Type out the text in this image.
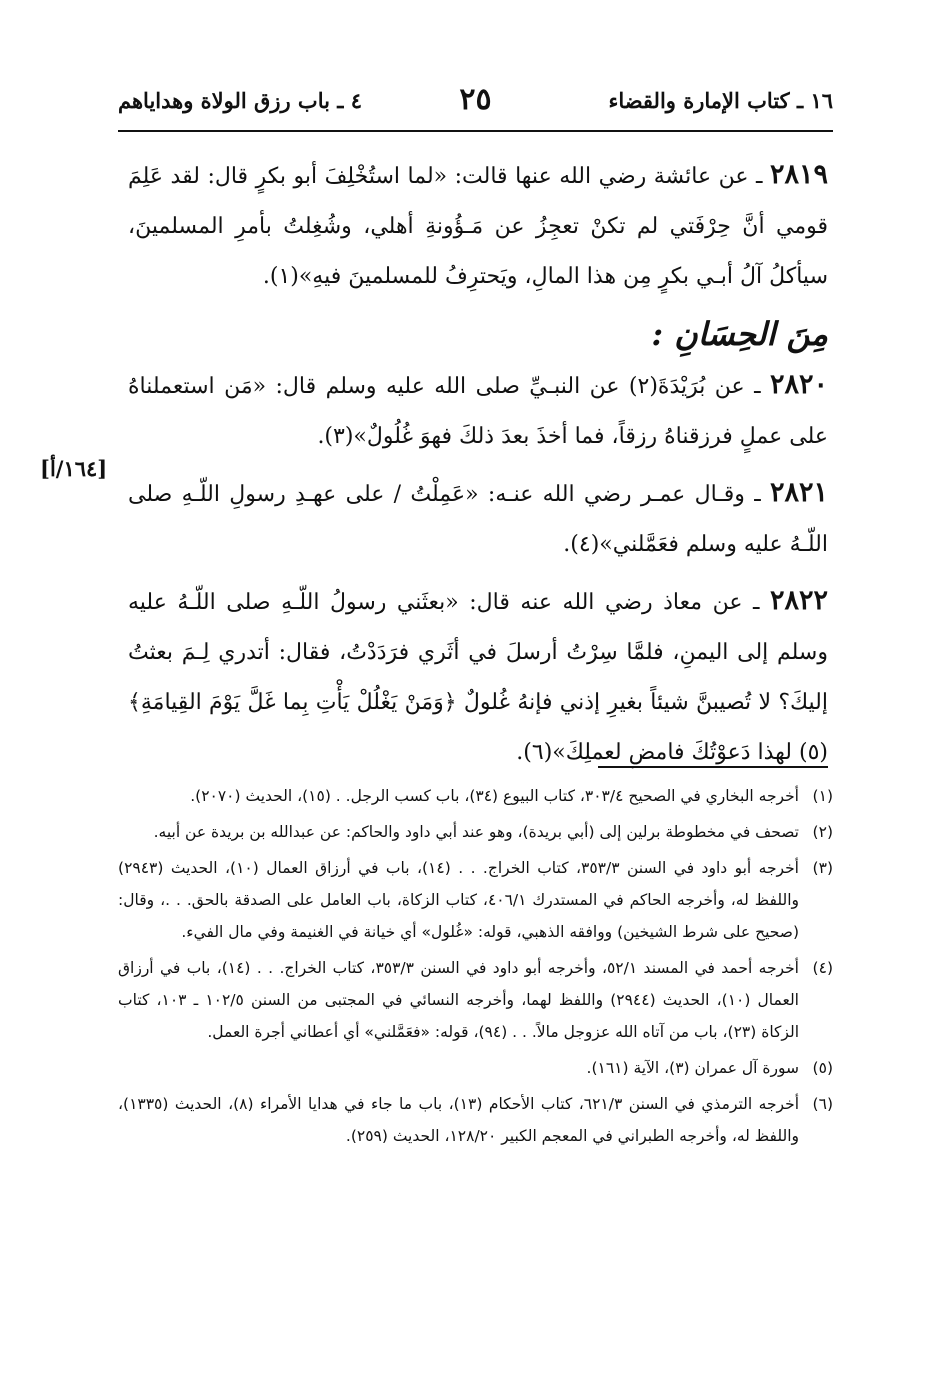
١٦ ـ كتاب الإمارة والقضاء
٢٥
٤ ـ باب رزق الولاة وهداياهم
[١٦٤/أ]

٢٨١٩ ـ عن عائشة رضي الله عنها قالت: «لما استُخْلِفَ أبو بكرٍ قال: لقد عَلِمَ قومي أنَّ حِرْفَتي لم تكنْ تعجِزُ عن مَـؤُونةِ أهلي، وشُغِلتُ بأمرِ المسلمينَ، سيأكلُ آلُ أبـي بكرٍ مِن هذا المالِ، ويَحترِفُ للمسلمينَ فيهِ»(١).

مِنَ الحِسَانِ :

٢٨٢٠ ـ عن بُرَيْدَةَ(٢) عن النبـيِّ صلى الله عليه وسلم قال: «مَن استعملناهُ على عملٍ فرزقناهُ رزقاً، فما أخذَ بعدَ ذلكَ فهوَ غُلُولٌ»(٣).

٢٨٢١ ـ وقـال عمـر رضي الله عنـه: «عَمِلْتُ / على عهـدِ رسولِ اللّـهِ صلى اللّـهُ عليه وسلم فعَمَّلني»(٤).

٢٨٢٢ ـ عن معاذ رضي الله عنه قال: «بعثَني رسولُ اللّـهِ صلى اللّـهُ عليه وسلم إلى اليمنِ، فلمَّا سِرْتُ أرسلَ في أثَري فرَدَدْتُ، فقال: أتدري لِـمَ بعثتُ إليكَ؟ لا تُصيبنَّ شيئاً بغيرِ إذني فإنهُ غُلولٌ ﴿وَمَنْ يَغْلُلْ يَأْتِ بِما غَلَّ يَوْمَ القِيامَةِ﴾(٥) لهذا دَعوْتُكَ فامضِ لعملِكَ»(٦).

(١)
أخرجه البخاري في الصحيح ٣٠٣/٤، كتاب البيوع (٣٤)، باب كسب الرجل. . (١٥)، الحديث (٢٠٧٠).

(٢)
تصحف في مخطوطة برلين إلى (أبي بريدة)، وهو عند أبي داود والحاكم: عن عبدالله بن بريدة عن أبيه.

(٣)
أخرجه أبو داود في السنن ٣٥٣/٣، كتاب الخراج. . . (١٤)، باب في أرزاق العمال (١٠)، الحديث (٢٩٤٣) واللفظ له، وأخرجه الحاكم في المستدرك ٤٠٦/١، كتاب الزكاة، باب العامل على الصدقة بالحق. . .، وقال: (صحيح على شرط الشيخين) ووافقه الذهبي، قوله: «غُلول» أي خيانة في الغنيمة وفي مال الفيء.

(٤)
أخرجه أحمد في المسند ٥٢/١، وأخرجه أبو داود في السنن ٣٥٣/٣، كتاب الخراج. . . (١٤)، باب في أرزاق العمال (١٠)، الحديث (٢٩٤٤) واللفظ لهما، وأخرجه النسائي في المجتبى من السنن ١٠٢/٥ ـ ١٠٣، كتاب الزكاة (٢٣)، باب من آتاه الله عزوجل مالاً. . . (٩٤)، قوله: «فعَمَّلني» أي أعطاني أجرة العمل.

(٥)
سورة آل عمران (٣)، الآية (١٦١).

(٦)
أخرجه الترمذي في السنن ٦٢١/٣، كتاب الأحكام (١٣)، باب ما جاء في هدايا الأمراء (٨)، الحديث (١٣٣٥)، واللفظ له، وأخرجه الطبراني في المعجم الكبير ١٢٨/٢٠، الحديث (٢٥٩).
